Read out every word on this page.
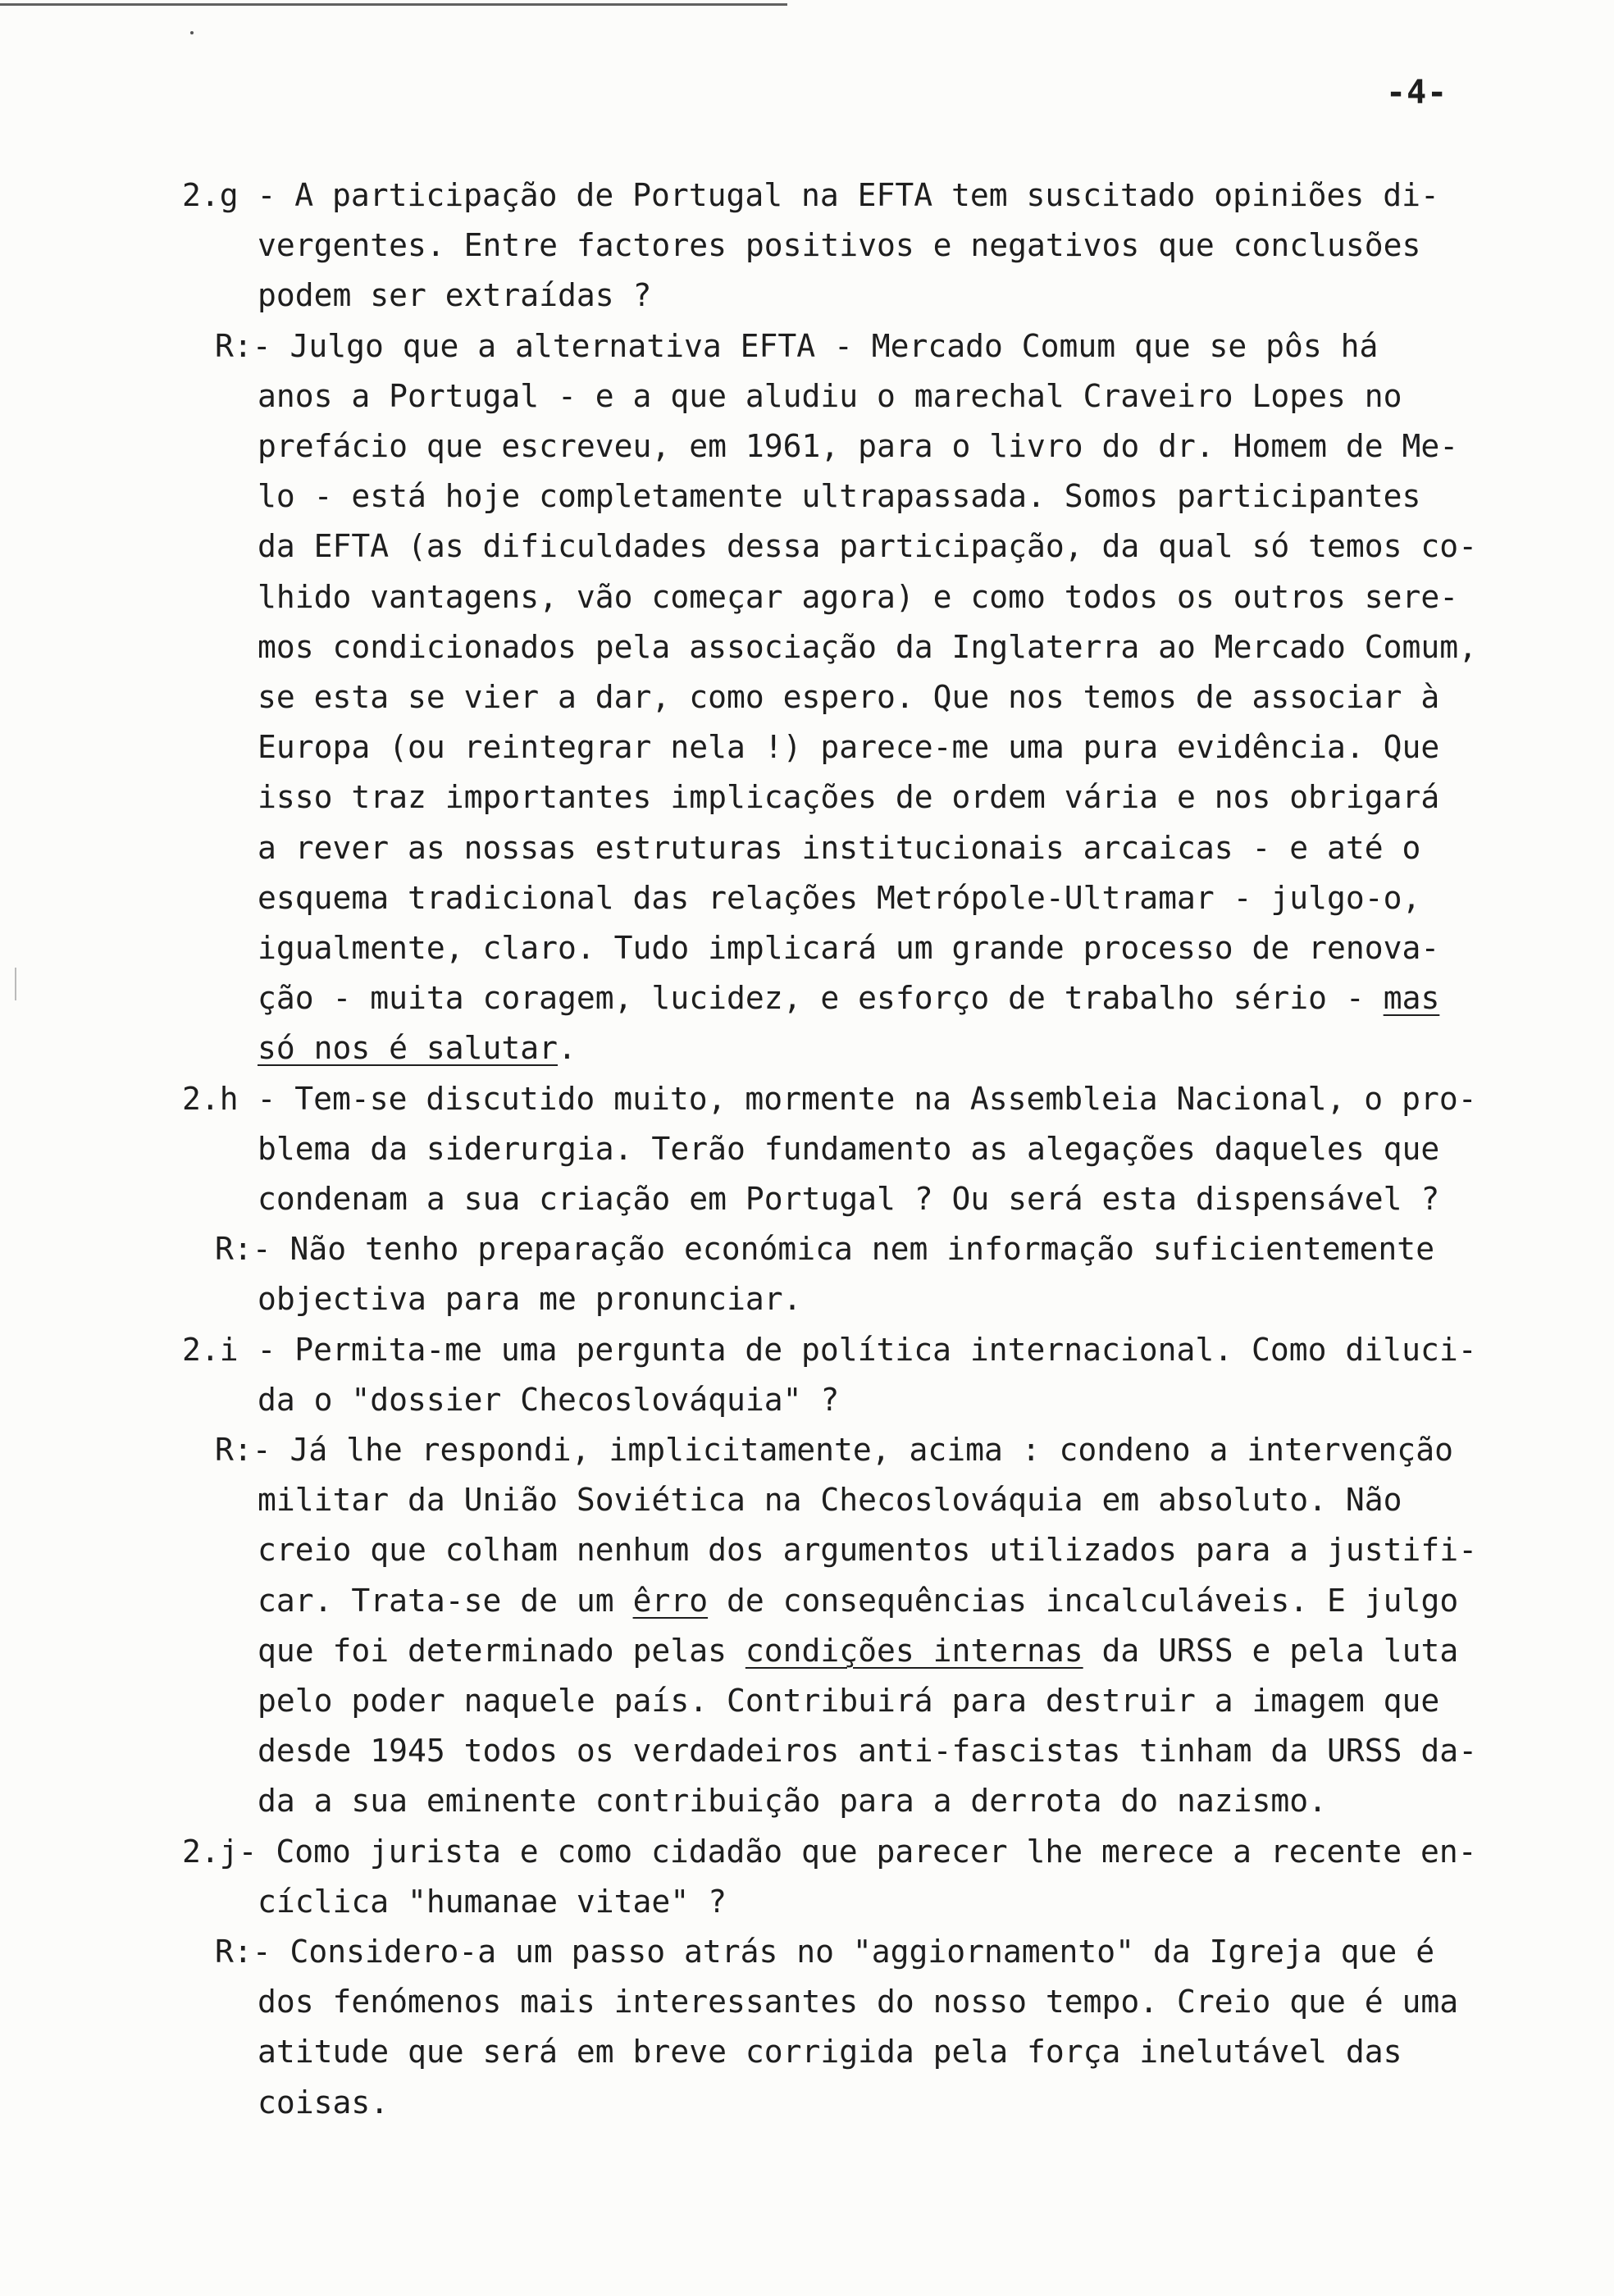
-4-
2.g - A participação de Portugal na EFTA tem suscitado opiniões di-
vergentes. Entre factores positivos e negativos que conclusões
podem ser extraídas ?
R:- Julgo que a alternativa EFTA - Mercado Comum que se pôs há
anos a Portugal - e a que aludiu o marechal Craveiro Lopes no
prefácio que escreveu, em 1961, para o livro do dr. Homem de Me-
lo - está hoje completamente ultrapassada. Somos participantes
da EFTA (as dificuldades dessa participação, da qual só temos co-
lhido vantagens, vão começar agora) e como todos os outros sere-
mos condicionados pela associação da Inglaterra ao Mercado Comum,
se esta se vier a dar, como espero. Que nos temos de associar à
Europa (ou reintegrar nela !) parece-me uma pura evidência. Que
isso traz importantes implicações de ordem vária e nos obrigará
a rever as nossas estruturas institucionais arcaicas - e até o
esquema tradicional das relações Metrópole-Ultramar - julgo-o,
igualmente, claro. Tudo implicará um grande processo de renova-
ção - muita coragem, lucidez, e esforço de trabalho sério - mas
só nos é salutar.
2.h - Tem-se discutido muito, mormente na Assembleia Nacional, o pro-
blema da siderurgia. Terão fundamento as alegações daqueles que
condenam a sua criação em Portugal ? Ou será esta dispensável ?
R:- Não tenho preparação económica nem informação suficientemente
objectiva para me pronunciar.
2.i - Permita-me uma pergunta de política internacional. Como diluci-
da o "dossier Checoslováquia" ?
R:- Já lhe respondi, implicitamente, acima : condeno a intervenção
militar da União Soviética na Checoslováquia em absoluto. Não
creio que colham nenhum dos argumentos utilizados para a justifi-
car. Trata-se de um êrro de consequências incalculáveis. E julgo
que foi determinado pelas condições internas da URSS e pela luta
pelo poder naquele país. Contribuirá para destruir a imagem que
desde 1945 todos os verdadeiros anti-fascistas tinham da URSS da-
da a sua eminente contribuição para a derrota do nazismo.
2.j- Como jurista e como cidadão que parecer lhe merece a recente en-
cíclica "humanae vitae" ?
R:- Considero-a um passo atrás no "aggiornamento" da Igreja que é
dos fenómenos mais interessantes do nosso tempo. Creio que é uma
atitude que será em breve corrigida pela força inelutável das
coisas.
